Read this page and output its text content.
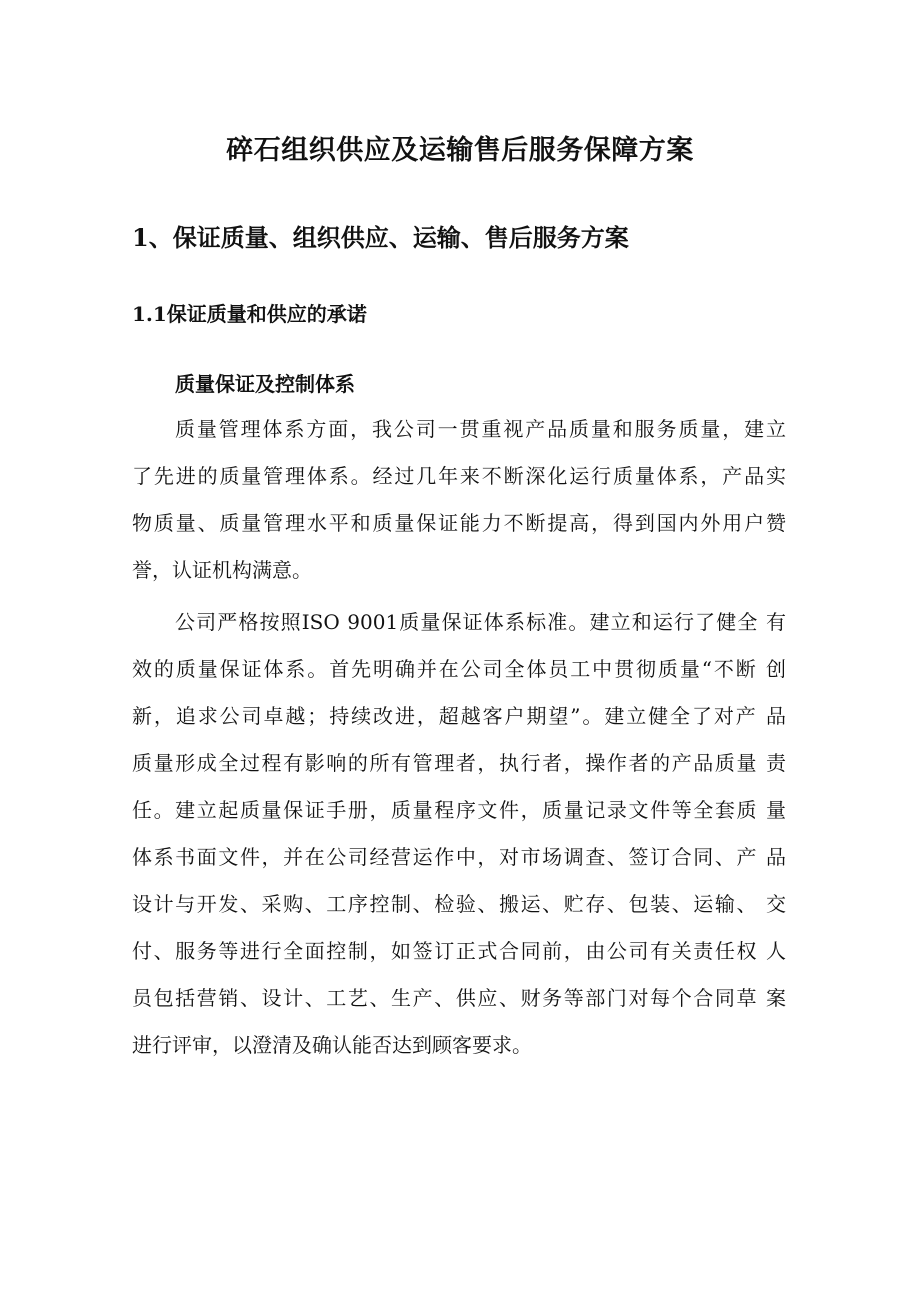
碎石组织供应及运输售后服务保障方案
1、保证质量、组织供应、运输、售后服务方案
1.1保证质量和供应的承诺
质量保证及控制体系
质量管理体系方面，我公司一贯重视产品质量和服务质量，建立
了先进的质量管理体系。经过几年来不断深化运行质量体系，产品实
物质量、质量管理水平和质量保证能力不断提高，得到国内外用户赞
誉，认证机构满意。
公司严格按照ISO 9001质量保证体系标准。建立和运行了健全 有
效的质量保证体系。首先明确并在公司全体员工中贯彻质量“不断 创
新，追求公司卓越；持续改进，超越客户期望”。建立健全了对产 品
质量形成全过程有影响的所有管理者，执行者，操作者的产品质量 责
任。建立起质量保证手册，质量程序文件，质量记录文件等全套质 量
体系书面文件，并在公司经营运作中，对市场调查、签订合同、产 品
设计与开发、采购、工序控制、检验、搬运、贮存、包装、运输、 交
付、服务等进行全面控制，如签订正式合同前，由公司有关责任权 人
员包括营销、设计、工艺、生产、供应、财务等部门对每个合同草 案
进行评审，以澄清及确认能否达到顾客要求。
